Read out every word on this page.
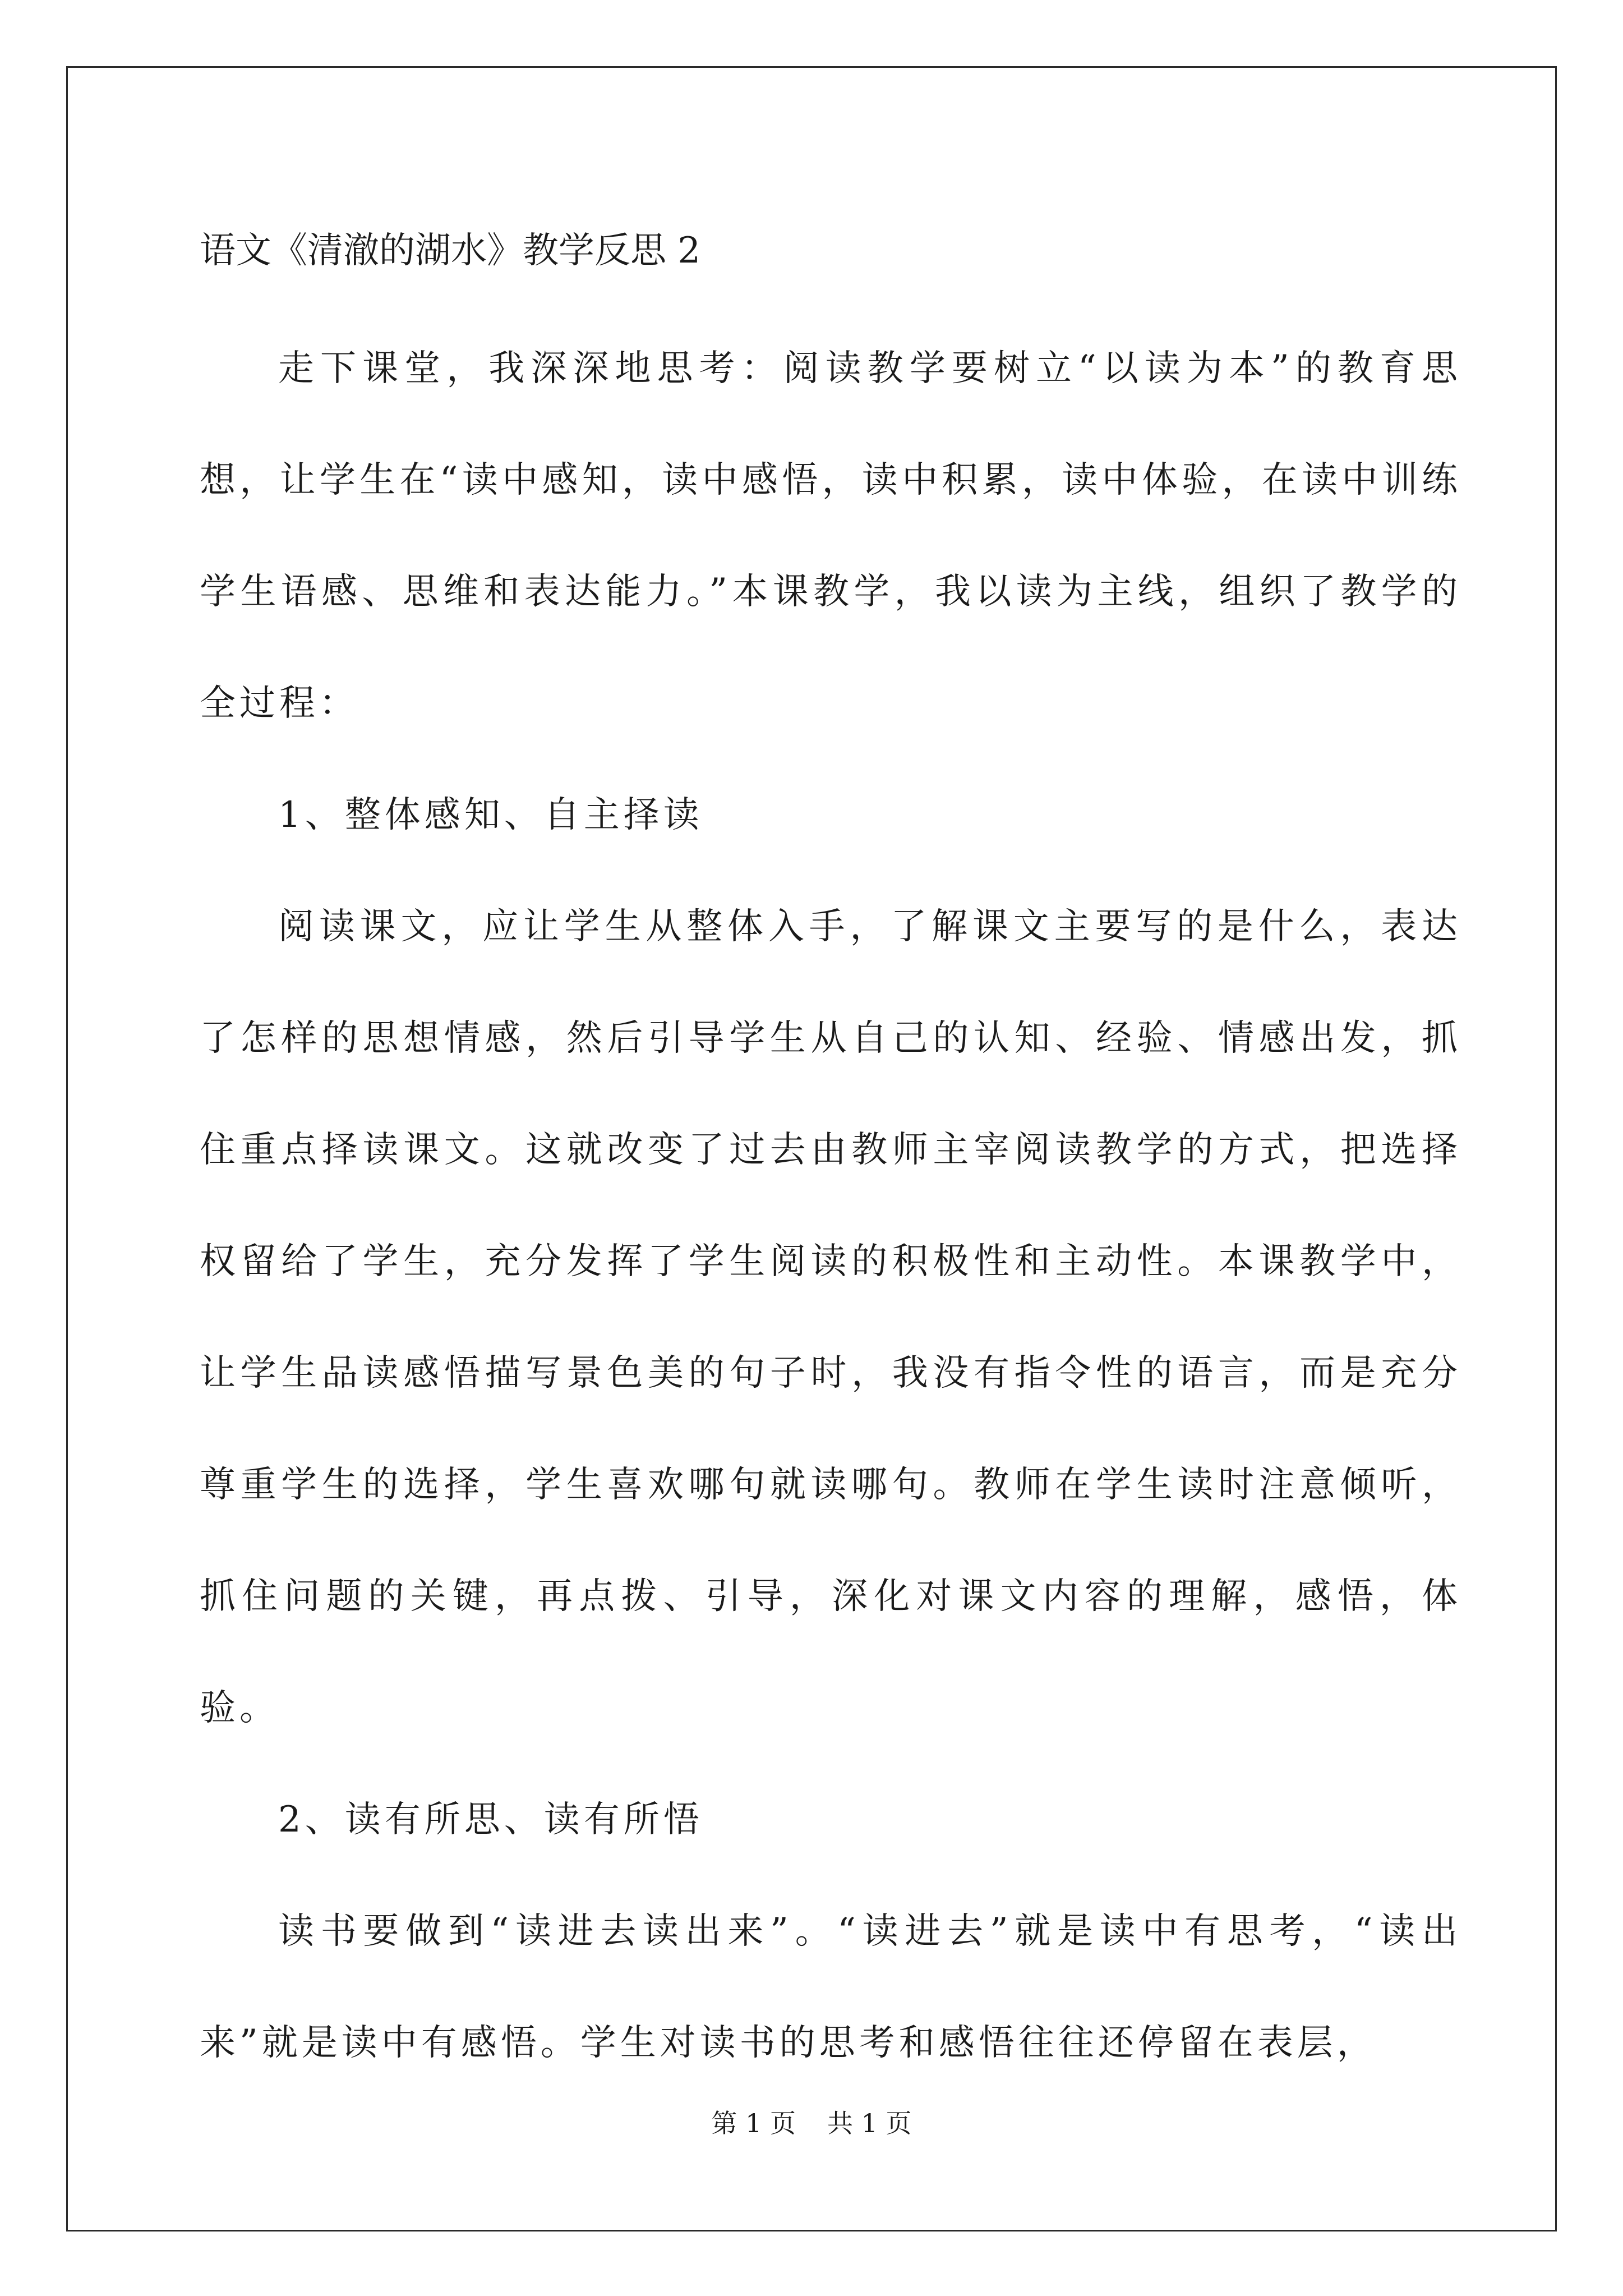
语文《清澈的湖水》教学反思 2

走下课堂，我深深地思考：阅读教学要树立“以读为本”的教育思想，让学生在“读中感知，读中感悟，读中积累，读中体验，在读中训练学生语感、思维和表达能力。”本课教学，我以读为主线，组织了教学的全过程：

1、整体感知、自主择读

阅读课文，应让学生从整体入手，了解课文主要写的是什么，表达了怎样的思想情感，然后引导学生从自己的认知、经验、情感出发，抓住重点择读课文。这就改变了过去由教师主宰阅读教学的方式，把选择权留给了学生，充分发挥了学生阅读的积极性和主动性。本课教学中，让学生品读感悟描写景色美的句子时，我没有指令性的语言，而是充分尊重学生的选择，学生喜欢哪句就读哪句。教师在学生读时注意倾听，抓住问题的关键，再点拨、引导，深化对课文内容的理解，感悟，体验。

2、读有所思、读有所悟

读书要做到“读进去读出来”。“读进去”就是读中有思考，“读出来”就是读中有感悟。学生对读书的思考和感悟往往还停留在表层，

第 1 页 共 1 页
